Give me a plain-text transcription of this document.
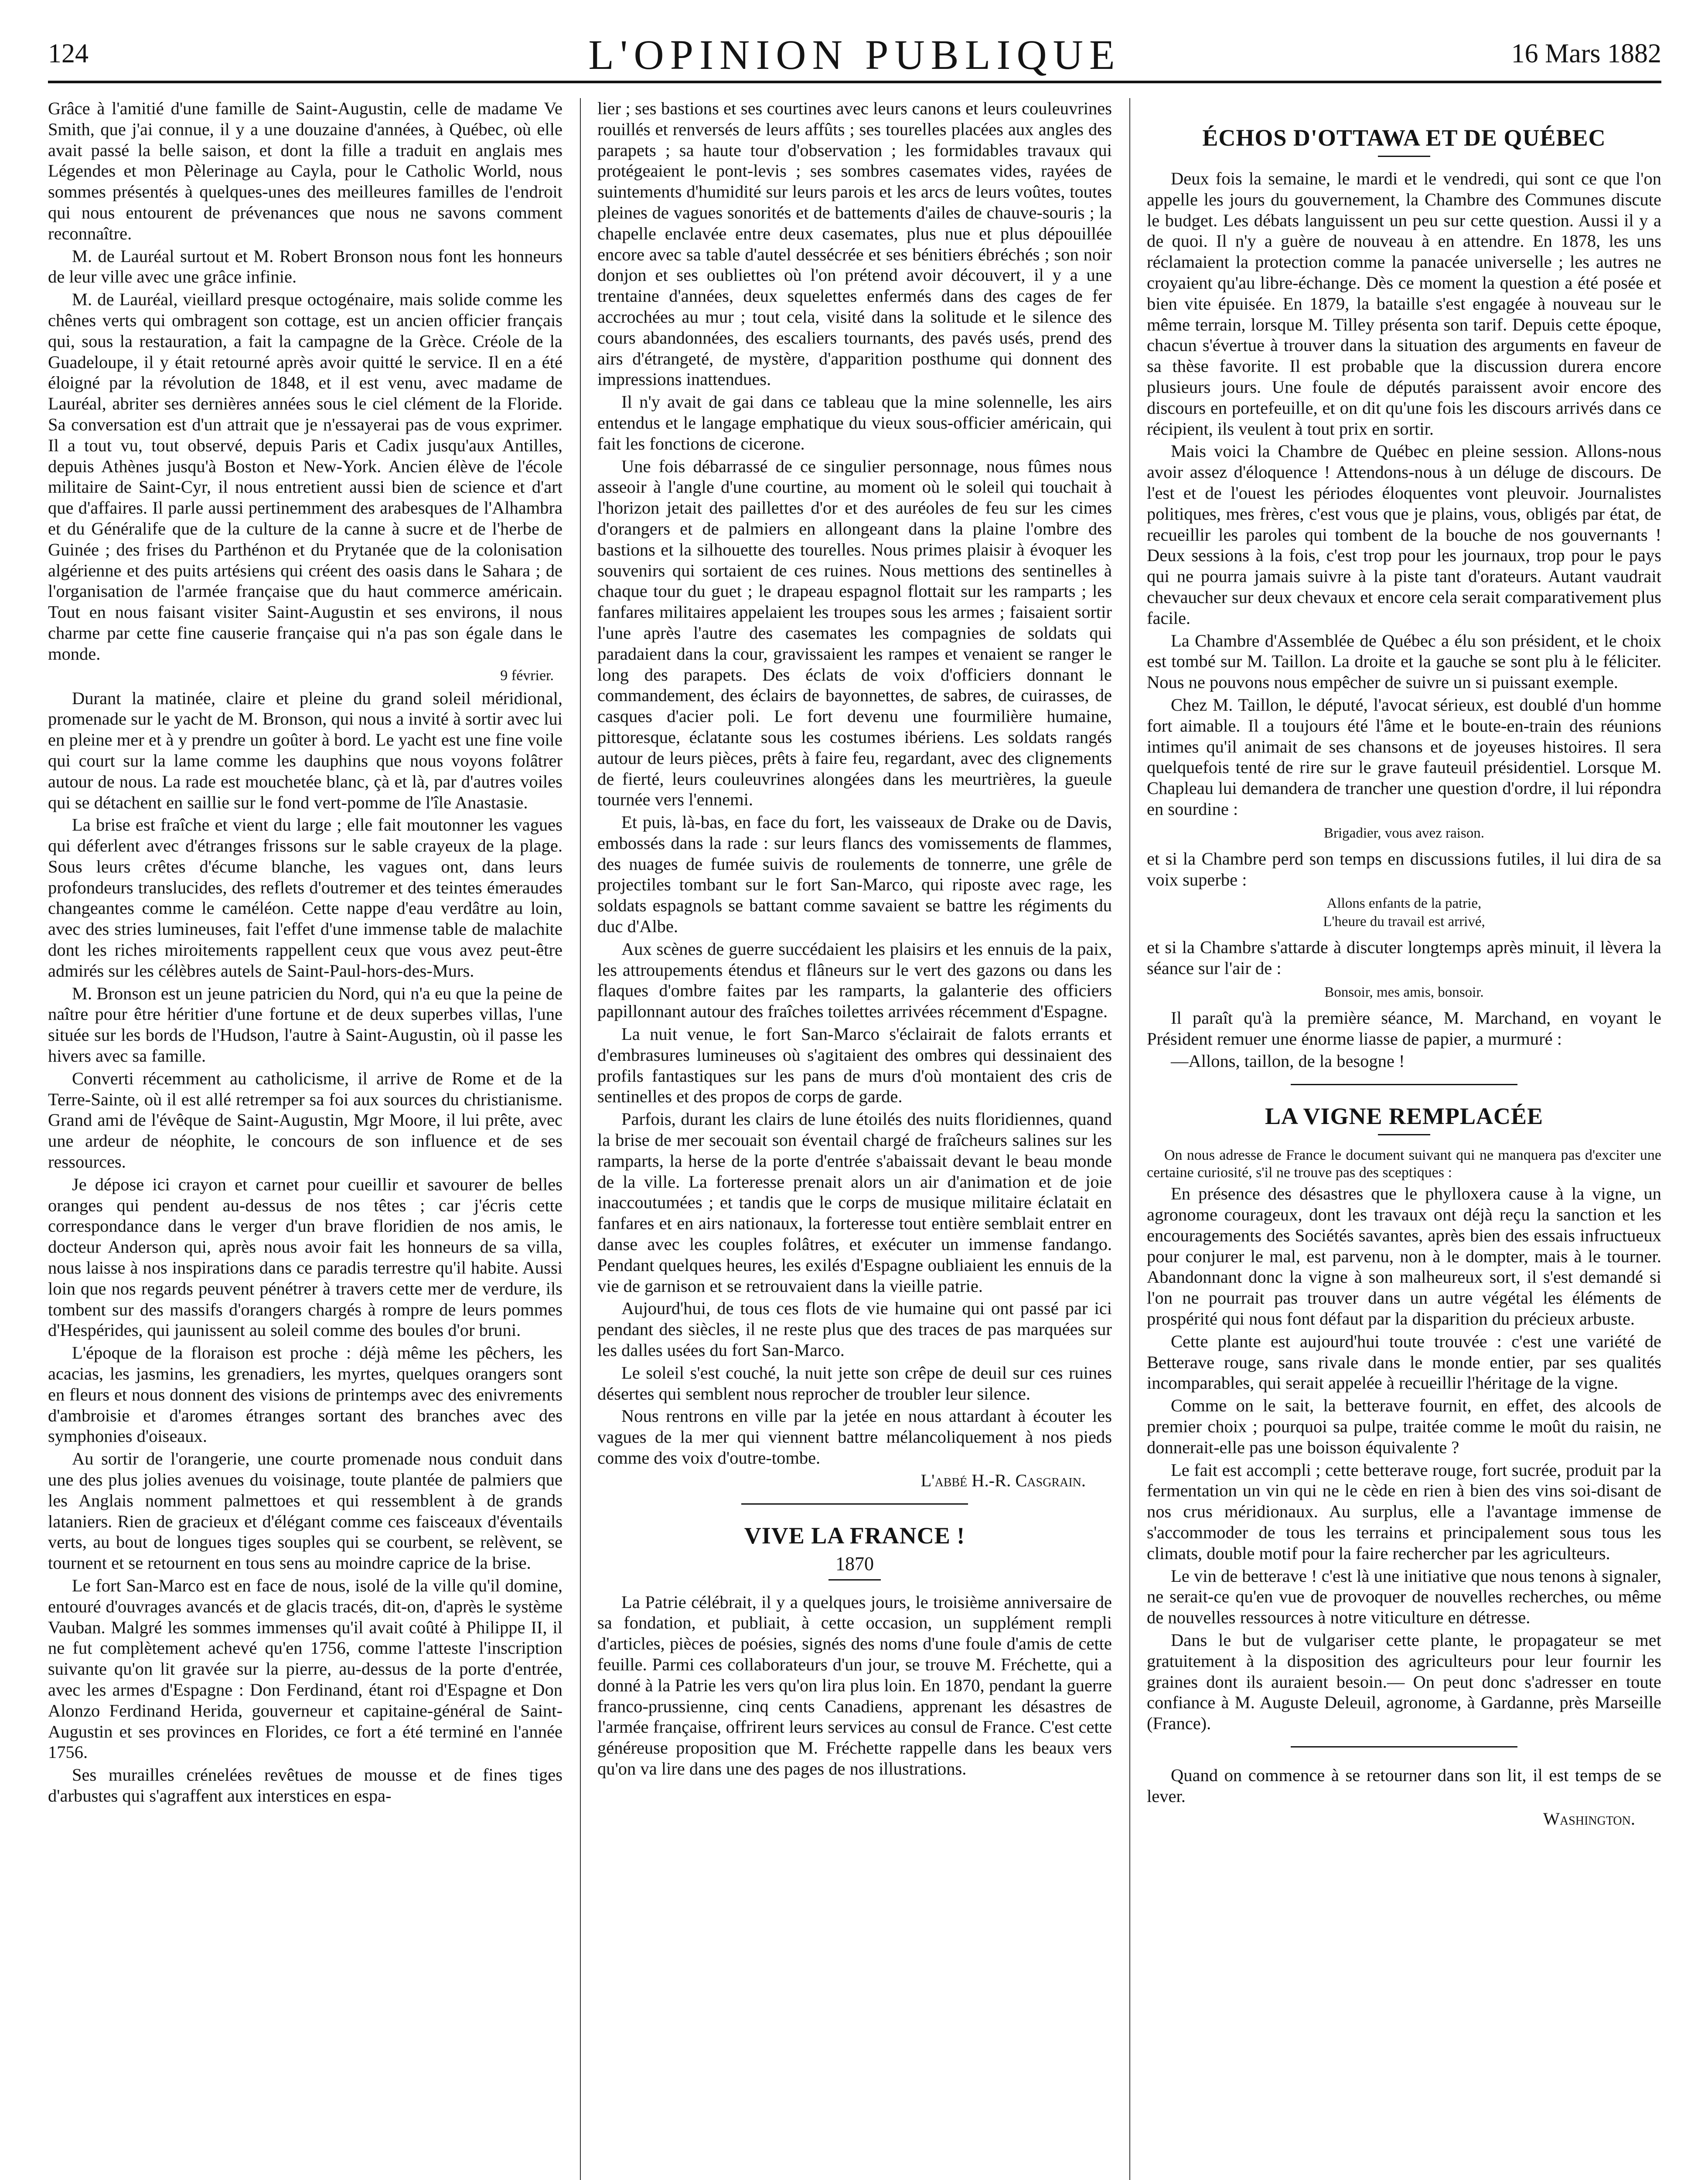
124	L'OPINION PUBLIQUE	16 Mars 1882

Grâce à l'amitié d'une famille de Saint-Augustin, celle de madame Ve Smith, que j'ai connue, il y a une douzaine d'années, à Québec, où elle avait passé la belle saison, et dont la fille a traduit en anglais mes Légendes et mon Pèlerinage au Cayla, pour le Catholic World, nous sommes présentés à quelques-unes des meilleures familles de l'endroit qui nous entourent de prévenances que nous ne savons comment reconnaître.

M. de Lauréal surtout et M. Robert Bronson nous font les honneurs de leur ville avec une grâce infinie.

M. de Lauréal, vieillard presque octogénaire, mais solide comme les chênes verts qui ombragent son cottage, est un ancien officier français qui, sous la restauration, a fait la campagne de la Grèce. Créole de la Guadeloupe, il y était retourné après avoir quitté le service. Il en a été éloigné par la révolution de 1848, et il est venu, avec madame de Lauréal, abriter ses dernières années sous le ciel clément de la Floride. Sa conversation est d'un attrait que je n'essayerai pas de vous exprimer. Il a tout vu, tout observé, depuis Paris et Cadix jusqu'aux Antilles, depuis Athènes jusqu'à Boston et New-York. Ancien élève de l'école militaire de Saint-Cyr, il nous entretient aussi bien de science et d'art que d'affaires. Il parle aussi pertinemment des arabesques de l'Alhambra et du Généralife que de la culture de la canne à sucre et de l'herbe de Guinée ; des frises du Parthénon et du Prytanée que de la colonisation algérienne et des puits artésiens qui créent des oasis dans le Sahara ; de l'organisation de l'armée française que du haut commerce américain. Tout en nous faisant visiter Saint-Augustin et ses environs, il nous charme par cette fine causerie française qui n'a pas son égale dans le monde.

9 février.

Durant la matinée, claire et pleine du grand soleil méridional, promenade sur le yacht de M. Bronson, qui nous a invité à sortir avec lui en pleine mer et à y prendre un goûter à bord. Le yacht est une fine voile qui court sur la lame comme les dauphins que nous voyons folâtrer autour de nous. La rade est mouchetée blanc, çà et là, par d'autres voiles qui se détachent en saillie sur le fond vert-pomme de l'île Anastasie.

La brise est fraîche et vient du large ; elle fait moutonner les vagues qui déferlent avec d'étranges frissons sur le sable crayeux de la plage. Sous leurs crêtes d'écume blanche, les vagues ont, dans leurs profondeurs translucides, des reflets d'outremer et des teintes émeraudes changeantes comme le caméléon. Cette nappe d'eau verdâtre au loin, avec des stries lumineuses, fait l'effet d'une immense table de malachite dont les riches miroitements rappellent ceux que vous avez peut-être admirés sur les célèbres autels de Saint-Paul-hors-des-Murs.

M. Bronson est un jeune patricien du Nord, qui n'a eu que la peine de naître pour être héritier d'une fortune et de deux superbes villas, l'une située sur les bords de l'Hudson, l'autre à Saint-Augustin, où il passe les hivers avec sa famille.

Converti récemment au catholicisme, il arrive de Rome et de la Terre-Sainte, où il est allé retremper sa foi aux sources du christianisme. Grand ami de l'évêque de Saint-Augustin, Mgr Moore, il lui prête, avec une ardeur de néophite, le concours de son influence et de ses ressources.

Je dépose ici crayon et carnet pour cueillir et savourer de belles oranges qui pendent au-dessus de nos têtes ; car j'écris cette correspondance dans le verger d'un brave floridien de nos amis, le docteur Anderson qui, après nous avoir fait les honneurs de sa villa, nous laisse à nos inspirations dans ce paradis terrestre qu'il habite. Aussi loin que nos regards peuvent pénétrer à travers cette mer de verdure, ils tombent sur des massifs d'orangers chargés à rompre de leurs pommes d'Hespérides, qui jaunissent au soleil comme des boules d'or bruni.

L'époque de la floraison est proche : déjà même les pêchers, les acacias, les jasmins, les grenadiers, les myrtes, quelques orangers sont en fleurs et nous donnent des visions de printemps avec des enivrements d'ambroisie et d'aromes étranges sortant des branches avec des symphonies d'oiseaux.

Au sortir de l'orangerie, une courte promenade nous conduit dans une des plus jolies avenues du voisinage, toute plantée de palmiers que les Anglais nomment palmettoes et qui ressemblent à de grands lataniers. Rien de gracieux et d'élégant comme ces faisceaux d'éventails verts, au bout de longues tiges souples qui se courbent, se relèvent, se tournent et se retournent en tous sens au moindre caprice de la brise.

Le fort San-Marco est en face de nous, isolé de la ville qu'il domine, entouré d'ouvrages avancés et de glacis tracés, dit-on, d'après le système Vauban. Malgré les sommes immenses qu'il avait coûté à Philippe II, il ne fut complètement achevé qu'en 1756, comme l'atteste l'inscription suivante qu'on lit gravée sur la pierre, au-dessus de la porte d'entrée, avec les armes d'Espagne : Don Ferdinand, étant roi d'Espagne et Don Alonzo Ferdinand Herida, gouverneur et capitaine-général de Saint-Augustin et ses provinces en Florides, ce fort a été terminé en l'année 1756.

Ses murailles crénelées revêtues de mousse et de fines tiges d'arbustes qui s'agraffent aux interstices en espa-

lier ; ses bastions et ses courtines avec leurs canons et leurs couleuvrines rouillés et renversés de leurs affûts ; ses tourelles placées aux angles des parapets ; sa haute tour d'observation ; les formidables travaux qui protégeaient le pont-levis ; ses sombres casemates vides, rayées de suintements d'humidité sur leurs parois et les arcs de leurs voûtes, toutes pleines de vagues sonorités et de battements d'ailes de chauve-souris ; la chapelle enclavée entre deux casemates, plus nue et plus dépouillée encore avec sa table d'autel dessécrée et ses bénitiers ébréchés ; son noir donjon et ses oubliettes où l'on prétend avoir découvert, il y a une trentaine d'années, deux squelettes enfermés dans des cages de fer accrochées au mur ; tout cela, visité dans la solitude et le silence des cours abandonnées, des escaliers tournants, des pavés usés, prend des airs d'étrangeté, de mystère, d'apparition posthume qui donnent des impressions inattendues.

Il n'y avait de gai dans ce tableau que la mine solennelle, les airs entendus et le langage emphatique du vieux sous-officier américain, qui fait les fonctions de cicerone.

Une fois débarrassé de ce singulier personnage, nous fûmes nous asseoir à l'angle d'une courtine, au moment où le soleil qui touchait à l'horizon jetait des paillettes d'or et des auréoles de feu sur les cimes d'orangers et de palmiers en allongeant dans la plaine l'ombre des bastions et la silhouette des tourelles. Nous primes plaisir à évoquer les souvenirs qui sortaient de ces ruines. Nous mettions des sentinelles à chaque tour du guet ; le drapeau espagnol flottait sur les ramparts ; les fanfares militaires appelaient les troupes sous les armes ; faisaient sortir l'une après l'autre des casemates les compagnies de soldats qui paradaient dans la cour, gravissaient les rampes et venaient se ranger le long des parapets. Des éclats de voix d'officiers donnant le commandement, des éclairs de bayonnettes, de sabres, de cuirasses, de casques d'acier poli. Le fort devenu une fourmilière humaine, pittoresque, éclatante sous les costumes ibériens. Les soldats rangés autour de leurs pièces, prêts à faire feu, regardant, avec des clignements de fierté, leurs couleuvrines alongées dans les meurtrières, la gueule tournée vers l'ennemi.

Et puis, là-bas, en face du fort, les vaisseaux de Drake ou de Davis, embossés dans la rade : sur leurs flancs des vomissements de flammes, des nuages de fumée suivis de roulements de tonnerre, une grêle de projectiles tombant sur le fort San-Marco, qui riposte avec rage, les soldats espagnols se battant comme savaient se battre les régiments du duc d'Albe.

Aux scènes de guerre succédaient les plaisirs et les ennuis de la paix, les attroupements étendus et flâneurs sur le vert des gazons ou dans les flaques d'ombre faites par les ramparts, la galanterie des officiers papillonnant autour des fraîches toilettes arrivées récemment d'Espagne.

La nuit venue, le fort San-Marco s'éclairait de falots errants et d'embrasures lumineuses où s'agitaient des ombres qui dessinaient des profils fantastiques sur les pans de murs d'où montaient des cris de sentinelles et des propos de corps de garde.

Parfois, durant les clairs de lune étoilés des nuits floridiennes, quand la brise de mer secouait son éventail chargé de fraîcheurs salines sur les ramparts, la herse de la porte d'entrée s'abaissait devant le beau monde de la ville. La forteresse prenait alors un air d'animation et de joie inaccoutumées ; et tandis que le corps de musique militaire éclatait en fanfares et en airs nationaux, la forteresse tout entière semblait entrer en danse avec les couples folâtres, et exécuter un immense fandango. Pendant quelques heures, les exilés d'Espagne oubliaient les ennuis de la vie de garnison et se retrouvaient dans la vieille patrie.

Aujourd'hui, de tous ces flots de vie humaine qui ont passé par ici pendant des siècles, il ne reste plus que des traces de pas marquées sur les dalles usées du fort San-Marco.

Le soleil s'est couché, la nuit jette son crêpe de deuil sur ces ruines désertes qui semblent nous reprocher de troubler leur silence.

Nous rentrons en ville par la jetée en nous attardant à écouter les vagues de la mer qui viennent battre mélancoliquement à nos pieds comme des voix d'outre-tombe.

L'abbé H.-R. Casgrain.

VIVE LA FRANCE !
1870

La Patrie célébrait, il y a quelques jours, le troisième anniversaire de sa fondation, et publiait, à cette occasion, un supplément rempli d'articles, pièces de poésies, signés des noms d'une foule d'amis de cette feuille. Parmi ces collaborateurs d'un jour, se trouve M. Fréchette, qui a donné à la Patrie les vers qu'on lira plus loin. En 1870, pendant la guerre franco-prussienne, cinq cents Canadiens, apprenant les désastres de l'armée française, offrirent leurs services au consul de France. C'est cette généreuse proposition que M. Fréchette rappelle dans les beaux vers qu'on va lire dans une des pages de nos illustrations.

ÉCHOS D'OTTAWA ET DE QUÉBEC

Deux fois la semaine, le mardi et le vendredi, qui sont ce que l'on appelle les jours du gouvernement, la Chambre des Communes discute le budget. Les débats languissent un peu sur cette question. Aussi il y a de quoi. Il n'y a guère de nouveau à en attendre. En 1878, les uns réclamaient la protection comme la panacée universelle ; les autres ne croyaient qu'au libre-échange. Dès ce moment la question a été posée et bien vite épuisée. En 1879, la bataille s'est engagée à nouveau sur le même terrain, lorsque M. Tilley présenta son tarif. Depuis cette époque, chacun s'évertue à trouver dans la situation des arguments en faveur de sa thèse favorite. Il est probable que la discussion durera encore plusieurs jours. Une foule de députés paraissent avoir encore des discours en portefeuille, et on dit qu'une fois les discours arrivés dans ce récipient, ils veulent à tout prix en sortir.

Mais voici la Chambre de Québec en pleine session. Allons-nous avoir assez d'éloquence ! Attendons-nous à un déluge de discours. De l'est et de l'ouest les périodes éloquentes vont pleuvoir. Journalistes politiques, mes frères, c'est vous que je plains, vous, obligés par état, de recueillir les paroles qui tombent de la bouche de nos gouvernants ! Deux sessions à la fois, c'est trop pour les journaux, trop pour le pays qui ne pourra jamais suivre à la piste tant d'orateurs. Autant vaudrait chevaucher sur deux chevaux et encore cela serait comparativement plus facile.

La Chambre d'Assemblée de Québec a élu son président, et le choix est tombé sur M. Taillon. La droite et la gauche se sont plu à le féliciter. Nous ne pouvons nous empêcher de suivre un si puissant exemple.

Chez M. Taillon, le député, l'avocat sérieux, est doublé d'un homme fort aimable. Il a toujours été l'âme et le boute-en-train des réunions intimes qu'il animait de ses chansons et de joyeuses histoires. Il sera quelquefois tenté de rire sur le grave fauteuil présidentiel. Lorsque M. Chapleau lui demandera de trancher une question d'ordre, il lui répondra en sourdine :

Brigadier, vous avez raison.

et si la Chambre perd son temps en discussions futiles, il lui dira de sa voix superbe :

Allons enfants de la patrie,
L'heure du travail est arrivé,

et si la Chambre s'attarde à discuter longtemps après minuit, il lèvera la séance sur l'air de :

Bonsoir, mes amis, bonsoir.

Il paraît qu'à la première séance, M. Marchand, en voyant le Président remuer une énorme liasse de papier, a murmuré :

—Allons, taillon, de la besogne !

LA VIGNE REMPLACÉE

On nous adresse de France le document suivant qui ne manquera pas d'exciter une certaine curiosité, s'il ne trouve pas des sceptiques :

En présence des désastres que le phylloxera cause à la vigne, un agronome courageux, dont les travaux ont déjà reçu la sanction et les encouragements des Sociétés savantes, après bien des essais infructueux pour conjurer le mal, est parvenu, non à le dompter, mais à le tourner. Abandonnant donc la vigne à son malheureux sort, il s'est demandé si l'on ne pourrait pas trouver dans un autre végétal les éléments de prospérité qui nous font défaut par la disparition du précieux arbuste.

Cette plante est aujourd'hui toute trouvée : c'est une variété de Betterave rouge, sans rivale dans le monde entier, par ses qualités incomparables, qui serait appelée à recueillir l'héritage de la vigne.

Comme on le sait, la betterave fournit, en effet, des alcools de premier choix ; pourquoi sa pulpe, traitée comme le moût du raisin, ne donnerait-elle pas une boisson équivalente ?

Le fait est accompli ; cette betterave rouge, fort sucrée, produit par la fermentation un vin qui ne le cède en rien à bien des vins soi-disant de nos crus méridionaux. Au surplus, elle a l'avantage immense de s'accommoder de tous les terrains et principalement sous tous les climats, double motif pour la faire rechercher par les agriculteurs.

Le vin de betterave ! c'est là une initiative que nous tenons à signaler, ne serait-ce qu'en vue de provoquer de nouvelles recherches, ou même de nouvelles ressources à notre viticulture en détresse.

Dans le but de vulgariser cette plante, le propagateur se met gratuitement à la disposition des agriculteurs pour leur fournir les graines dont ils auraient besoin.— On peut donc s'adresser en toute confiance à M. Auguste Deleuil, agronome, à Gardanne, près Marseille (France).

Quand on commence à se retourner dans son lit, il est temps de se lever.

Washington.
